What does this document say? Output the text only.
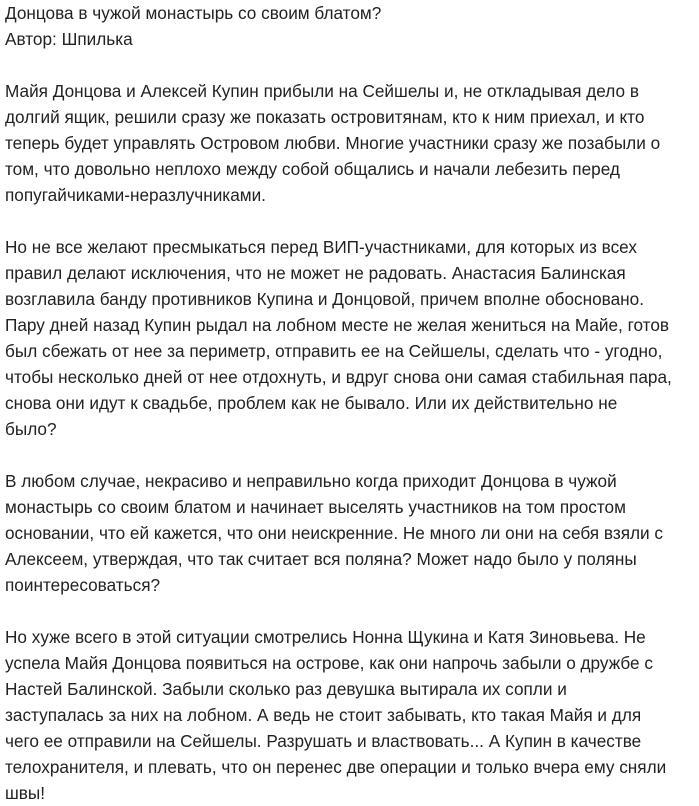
Донцова в чужой монастырь со своим блатом?

Автор: Шпилька

Майя Донцова и Алексей Купин прибыли на Сейшелы и, не откладывая дело в
долгий ящик, решили сразу же показать островитянам, кто к ним приехал, и кто
теперь будет управлять Островом любви. Многие участники сразу же позабыли о
том, что довольно неплохо между собой общались и начали лебезить перед
попугайчиками-неразлучниками.

Но не все желают пресмыкаться перед ВИП-участниками, для которых из всех
правил делают исключения, что не может не радовать. Анастасия Балинская
возглавила банду противников Купина и Донцовой, причем вполне обосновано.
Пару дней назад Купин рыдал на лобном месте не желая жениться на Майе, готов
был сбежать от нее за периметр, отправить ее на Сейшелы, сделать что - угодно,
чтобы несколько дней от нее отдохнуть, и вдруг снова они самая стабильная пара,
снова они идут к свадьбе, проблем как не бывало. Или их действительно не
было?

В любом случае, некрасиво и неправильно когда приходит Донцова в чужой
монастырь со своим блатом и начинает выселять участников на том простом
основании, что ей кажется, что они неискренние. Не много ли они на себя взяли с
Алексеем, утверждая, что так считает вся поляна? Может надо было у поляны
поинтересоваться?

Но хуже всего в этой ситуации смотрелись Нонна Щукина и Катя Зиновьева. Не
успела Майя Донцова появиться на острове, как они напрочь забыли о дружбе с
Настей Балинской. Забыли сколько раз девушка вытирала их сопли и
заступалась за них на лобном. А ведь не стоит забывать, кто такая Майя и для
чего ее отправили на Сейшелы. Разрушать и властвовать... А Купин в качестве
телохранителя, и плевать, что он перенес две операции и только вчера ему сняли
швы!
